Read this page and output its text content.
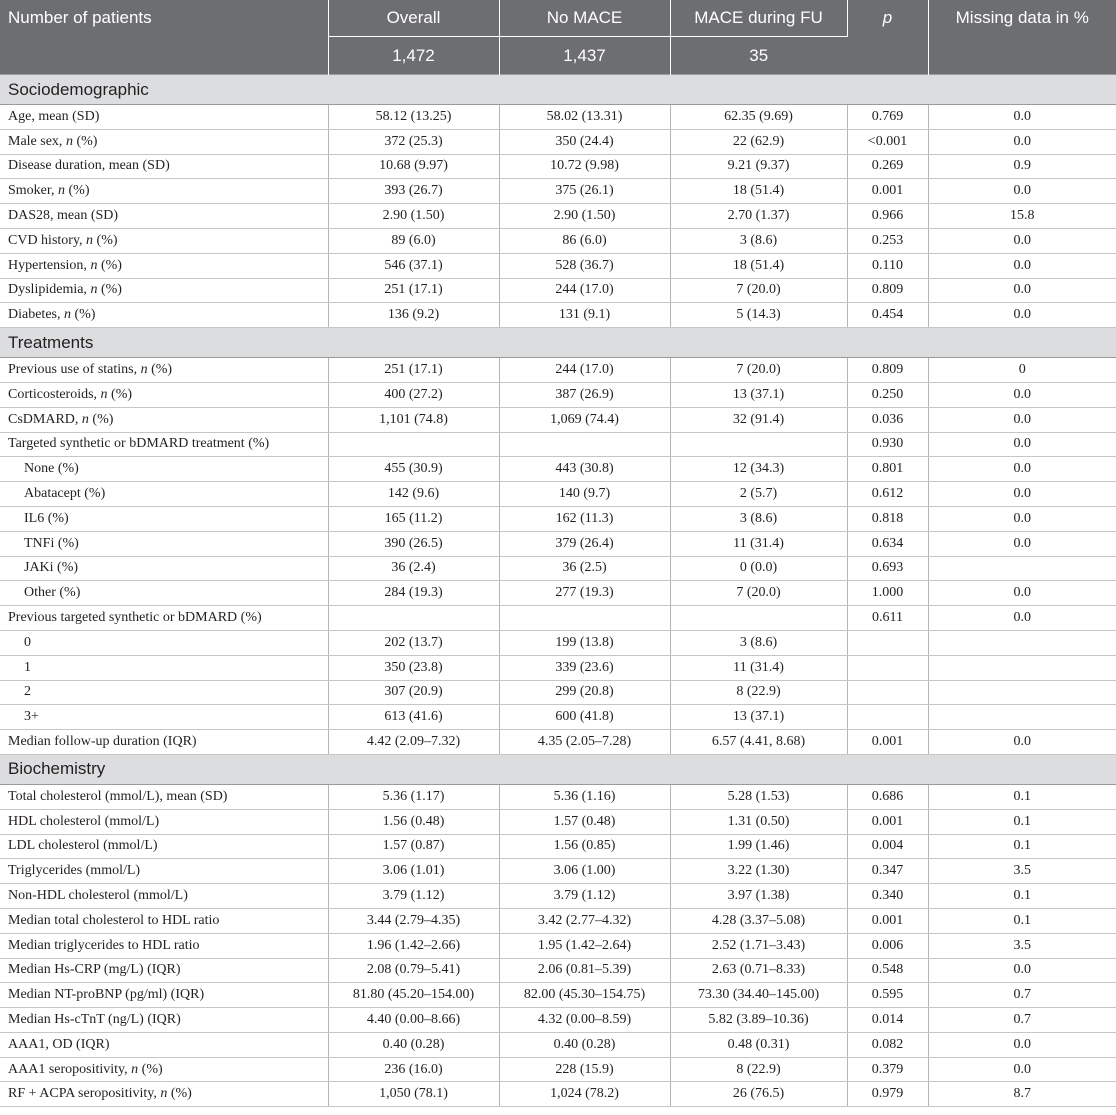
Number of patients	Overall	No MACE	MACE during FU	p	Missing data in %
	1,472	1,437	35		
Sociodemographic					
Age, mean (SD)	58.12 (13.25)	58.02 (13.31)	62.35 (9.69)	0.769	0.0
Male sex, n (%)	372 (25.3)	350 (24.4)	22 (62.9)	<0.001	0.0
Disease duration, mean (SD)	10.68 (9.97)	10.72 (9.98)	9.21 (9.37)	0.269	0.9
Smoker, n (%)	393 (26.7)	375 (26.1)	18 (51.4)	0.001	0.0
DAS28, mean (SD)	2.90 (1.50)	2.90 (1.50)	2.70 (1.37)	0.966	15.8
CVD history, n (%)	89 (6.0)	86 (6.0)	3 (8.6)	0.253	0.0
Hypertension, n (%)	546 (37.1)	528 (36.7)	18 (51.4)	0.110	0.0
Dyslipidemia, n (%)	251 (17.1)	244 (17.0)	7 (20.0)	0.809	0.0
Diabetes, n (%)	136 (9.2)	131 (9.1)	5 (14.3)	0.454	0.0
Treatments					
Previous use of statins, n (%)	251 (17.1)	244 (17.0)	7 (20.0)	0.809	0
Corticosteroids, n (%)	400 (27.2)	387 (26.9)	13 (37.1)	0.250	0.0
CsDMARD, n (%)	1,101 (74.8)	1,069 (74.4)	32 (91.4)	0.036	0.0
Targeted synthetic or bDMARD treatment (%)				0.930	0.0
None (%)	455 (30.9)	443 (30.8)	12 (34.3)	0.801	0.0
Abatacept (%)	142 (9.6)	140 (9.7)	2 (5.7)	0.612	0.0
IL6 (%)	165 (11.2)	162 (11.3)	3 (8.6)	0.818	0.0
TNFi (%)	390 (26.5)	379 (26.4)	11 (31.4)	0.634	0.0
JAKi (%)	36 (2.4)	36 (2.5)	0 (0.0)	0.693	
Other (%)	284 (19.3)	277 (19.3)	7 (20.0)	1.000	0.0
Previous targeted synthetic or bDMARD (%)				0.611	0.0
0	202 (13.7)	199 (13.8)	3 (8.6)		
1	350 (23.8)	339 (23.6)	11 (31.4)		
2	307 (20.9)	299 (20.8)	8 (22.9)		
3+	613 (41.6)	600 (41.8)	13 (37.1)		
Median follow-up duration (IQR)	4.42 (2.09–7.32)	4.35 (2.05–7.28)	6.57 (4.41, 8.68)	0.001	0.0
Biochemistry					
Total cholesterol (mmol/L), mean (SD)	5.36 (1.17)	5.36 (1.16)	5.28 (1.53)	0.686	0.1
HDL cholesterol (mmol/L)	1.56 (0.48)	1.57 (0.48)	1.31 (0.50)	0.001	0.1
LDL cholesterol (mmol/L)	1.57 (0.87)	1.56 (0.85)	1.99 (1.46)	0.004	0.1
Triglycerides (mmol/L)	3.06 (1.01)	3.06 (1.00)	3.22 (1.30)	0.347	3.5
Non-HDL cholesterol (mmol/L)	3.79 (1.12)	3.79 (1.12)	3.97 (1.38)	0.340	0.1
Median total cholesterol to HDL ratio	3.44 (2.79–4.35)	3.42 (2.77–4.32)	4.28 (3.37–5.08)	0.001	0.1
Median triglycerides to HDL ratio	1.96 (1.42–2.66)	1.95 (1.42–2.64)	2.52 (1.71–3.43)	0.006	3.5
Median Hs-CRP (mg/L) (IQR)	2.08 (0.79–5.41)	2.06 (0.81–5.39)	2.63 (0.71–8.33)	0.548	0.0
Median NT-proBNP (pg/ml) (IQR)	81.80 (45.20–154.00)	82.00 (45.30–154.75)	73.30 (34.40–145.00)	0.595	0.7
Median Hs-cTnT (ng/L) (IQR)	4.40 (0.00–8.66)	4.32 (0.00–8.59)	5.82 (3.89–10.36)	0.014	0.7
AAA1, OD (IQR)	0.40 (0.28)	0.40 (0.28)	0.48 (0.31)	0.082	0.0
AAA1 seropositivity, n (%)	236 (16.0)	228 (15.9)	8 (22.9)	0.379	0.0
RF + ACPA seropositivity, n (%)	1,050 (78.1)	1,024 (78.2)	26 (76.5)	0.979	8.7
